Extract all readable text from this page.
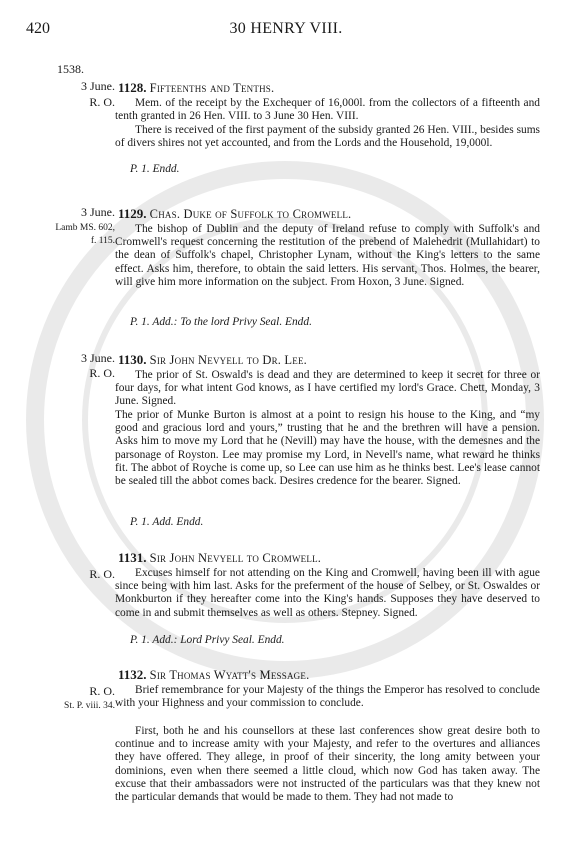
420	30 HENRY VIII.
1538.
3 June.
R. O.
1128. Fifteenths and Tenths.
Mem. of the receipt by the Exchequer of 16,000l. from the collectors of a fifteenth and tenth granted in 26 Hen. VIII. to 3 June 30 Hen. VIII.
There is received of the first payment of the subsidy granted 26 Hen. VIII., besides sums of divers shires not yet accounted, and from the Lords and the Household, 19,000l.
P. 1. Endd.
3 June.
Lamb MS. 602, f. 115.
1129. Chas. Duke of Suffolk to Cromwell.
The bishop of Dublin and the deputy of Ireland refuse to comply with Suffolk's and Cromwell's request concerning the restitution of the prebend of Malehedrit (Mullahidart) to the dean of Suffolk's chapel, Christopher Lynam, without the King's letters to the same effect. Asks him, therefore, to obtain the said letters. His servant, Thos. Holmes, the bearer, will give him more information on the subject. From Hoxon, 3 June. Signed.
P. 1. Add.: To the lord Privy Seal. Endd.
3 June.
R. O.
1130. Sir John Nevyell to Dr. Lee.
The prior of St. Oswald's is dead and they are determined to keep it secret for three or four days, for what intent God knows, as I have certified my lord's Grace. Chett, Monday, 3 June. Signed.
The prior of Munke Burton is almost at a point to resign his house to the King, and “my good and gracious lord and yours,” trusting that he and the brethren will have a pension. Asks him to move my Lord that he (Nevill) may have the house, with the demesnes and the parsonage of Royston. Lee may promise my Lord, in Nevell's name, what reward he thinks fit. The abbot of Royche is come up, so Lee can use him as he thinks best. Lee's lease cannot be sealed till the abbot comes back. Desires credence for the bearer. Signed.
P. 1. Add. Endd.
R. O.
1131. Sir John Nevyell to Cromwell.
Excuses himself for not attending on the King and Cromwell, having been ill with ague since being with him last. Asks for the preferment of the house of Selbey, or St. Oswaldes or Monkburton if they hereafter come into the King's hands. Supposes they have deserved to come in and submit themselves as well as others. Stepney. Signed.
P. 1. Add.: Lord Privy Seal. Endd.
R. O.
St. P. viii. 34.
1132. Sir Thomas Wyatt's Message.
Brief remembrance for your Majesty of the things the Emperor has resolved to conclude with your Highness and your commission to conclude.
First, both he and his counsellors at these last conferences show great desire both to continue and to increase amity with your Majesty, and refer to the overtures and alliances they have offered. They allege, in proof of their sincerity, the long amity between your dominions, even when there seemed a little cloud, which now God has taken away. The excuse that their ambassadors were not instructed of the particulars was that they knew not the particular demands that would be made to them. They had not made to
